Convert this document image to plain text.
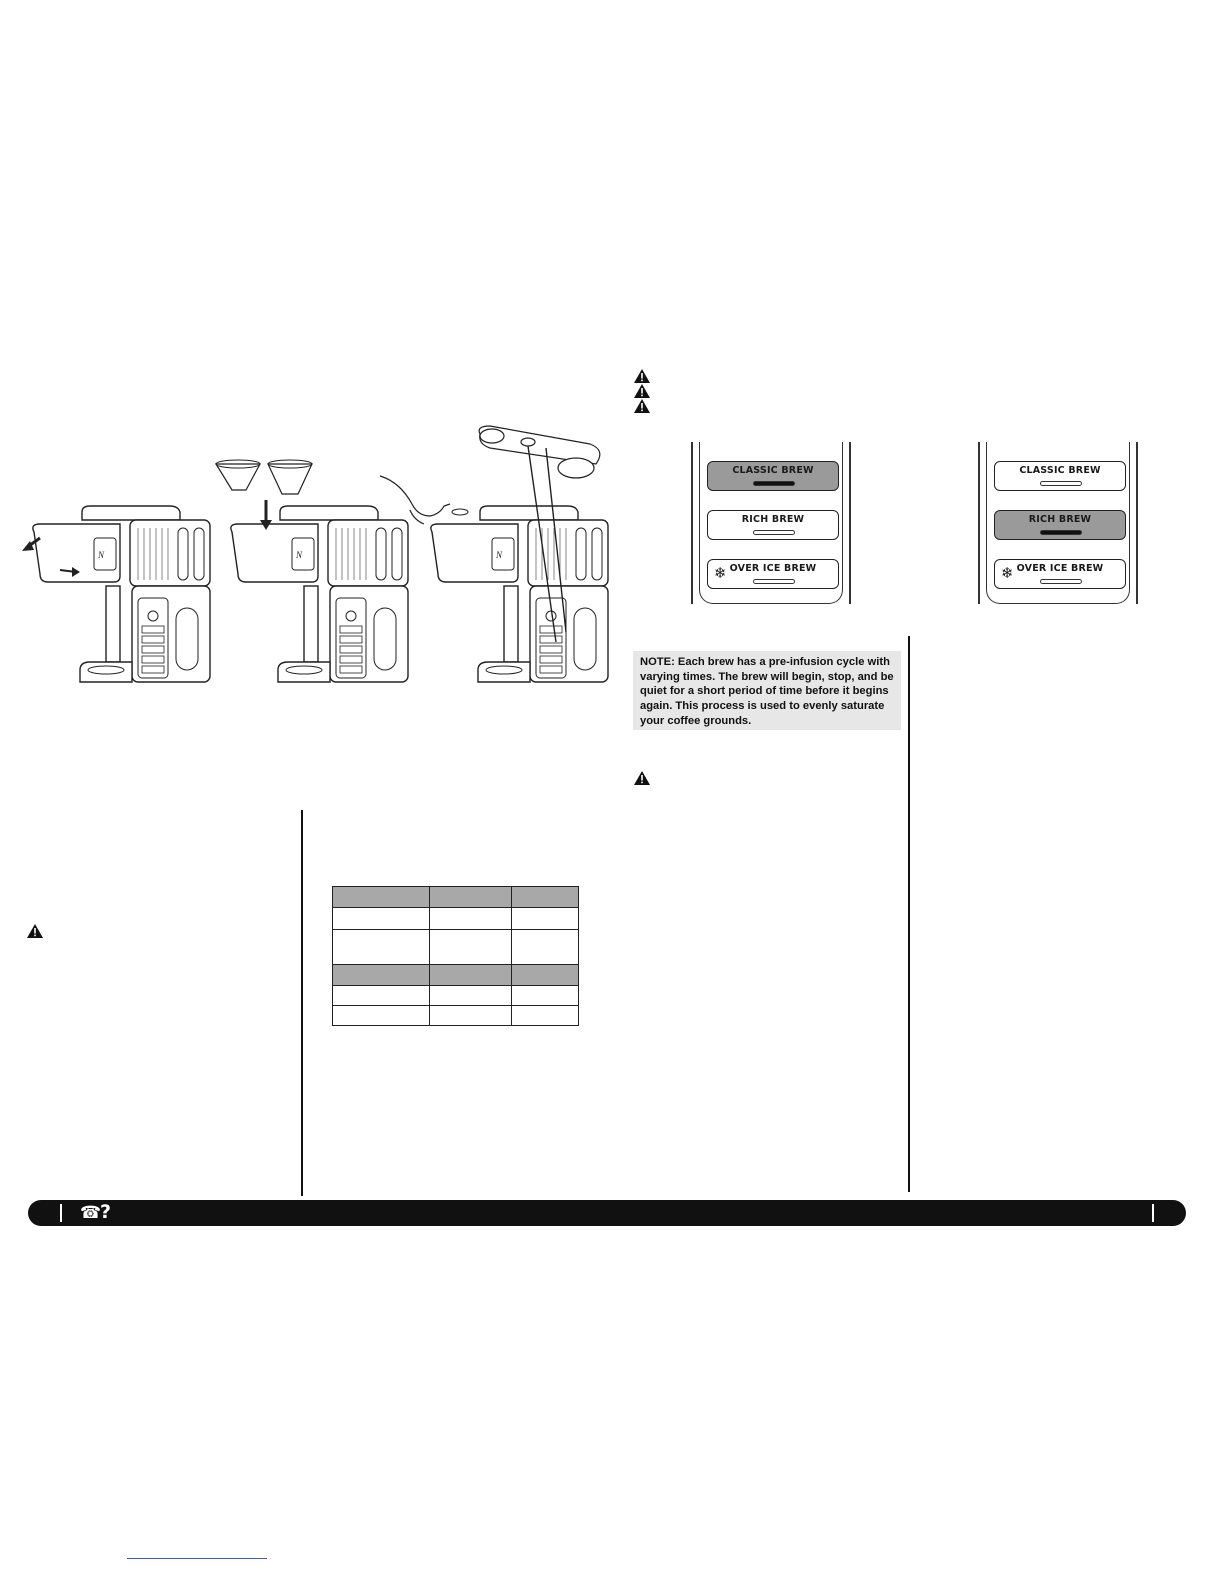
CLASSIC BREW
RICH BREW
❄ OVER ICE BREW
CLASSIC BREW
RICH BREW
❄ OVER ICE BREW
NOTE: Each brew has a pre-infusion cycle with varying times. The brew will begin, stop, and be quiet for a short period of time before it begins again. This process is used to evenly saturate your coffee grounds.

☎
?
